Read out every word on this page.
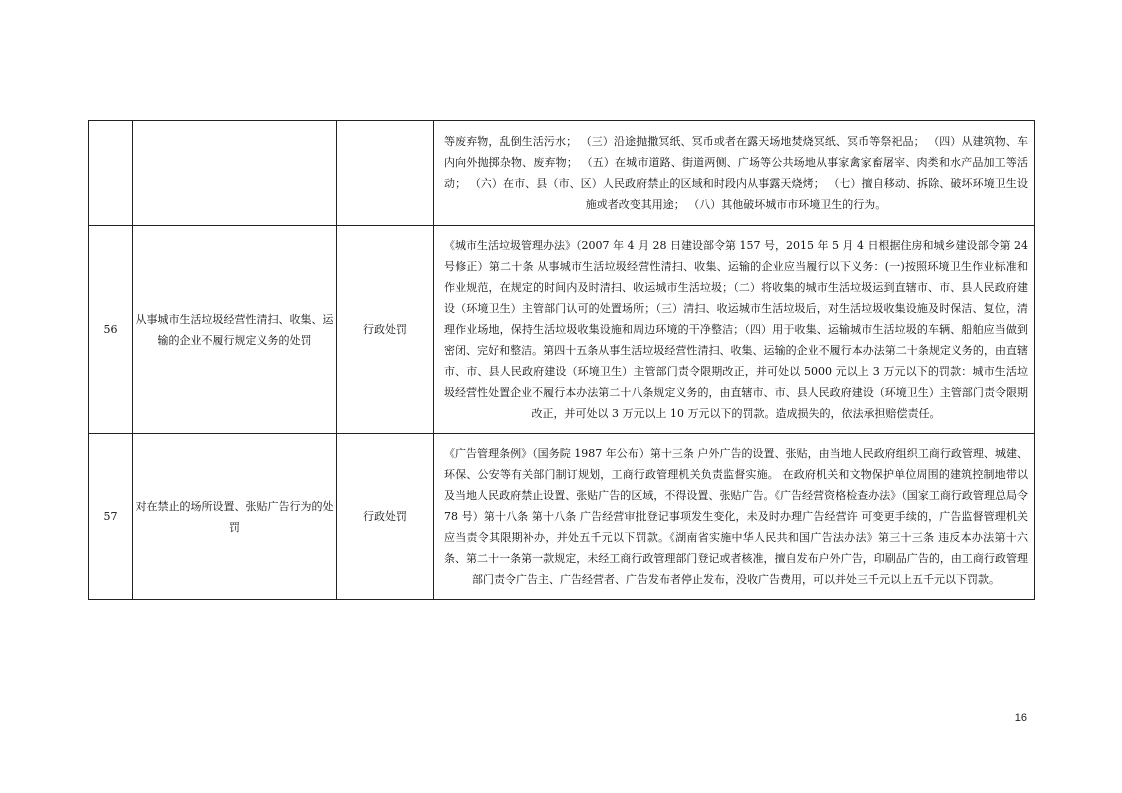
			等废弃物，乱倒生活污水； （三）沿途抛撒冥纸、冥币或者在露天场地焚烧冥纸、冥币等祭祀品； （四）从建筑物、车内向外抛掷杂物、废弃物； （五）在城市道路、街道两侧、广场等公共场地从事家禽家畜屠宰、肉类和水产品加工等活动； （六）在市、县（市、区）人民政府禁止的区域和时段内从事露天烧烤； （七）擅自移动、拆除、破坏环境卫生设施或者改变其用途； （八）其他破坏城市市环境卫生的行为。

56	从事城市生活垃圾经营性清扫、收集、运输的企业不履行规定义务的处罚	行政处罚	《城市生活垃圾管理办法》（2007 年 4 月 28 日建设部令第 157 号，2015 年 5 月 4 日根据住房和城乡建设部令第 24 号修正）第二十条 从事城市生活垃圾经营性清扫、收集、运输的企业应当履行以下义务：(一)按照环境卫生作业标准和作业规范，在规定的时间内及时清扫、收运城市生活垃圾；（二）将收集的城市生活垃圾运到直辖市、市、县人民政府建设（环境卫生）主管部门认可的处置场所；（三）清扫、收运城市生活垃圾后，对生活垃圾收集设施及时保洁、复位，清理作业场地，保持生活垃圾收集设施和周边环境的干净整洁；（四）用于收集、运输城市生活垃圾的车辆、船舶应当做到密闭、完好和整洁。第四十五条从事生活垃圾经营性清扫、收集、运输的企业不履行本办法第二十条规定义务的，由直辖市、市、县人民政府建设（环境卫生）主管部门责令限期改正，并可处以 5000 元以上 3 万元以下的罚款：城市生活垃圾经营性处置企业不履行本办法第二十八条规定义务的，由直辖市、市、县人民政府建设（环境卫生）主管部门责令限期改正，并可处以 3 万元以上 10 万元以下的罚款。造成损失的，依法承担赔偿责任。

57	对在禁止的场所设置、张贴广告行为的处罚	行政处罚	《广告管理条例》（国务院 1987 年公布）第十三条 户外广告的设置、张贴，由当地人民政府组织工商行政管理、城建、环保、公安等有关部门制订规划，工商行政管理机关负责监督实施。 在政府机关和文物保护单位周围的建筑控制地带以及当地人民政府禁止设置、张贴广告的区域，不得设置、张贴广告。《广告经营资格检查办法》（国家工商行政管理总局令 78 号）第十八条 第十八条 广告经营审批登记事项发生变化，未及时办理广告经营许 可变更手续的，广告监督管理机关应当责令其限期补办，并处五千元以下罚款。《湖南省实施中华人民共和国广告法办法》第三十三条 违反本办法第十六条、第二十一条第一款规定，未经工商行政管理部门登记或者核准，擅自发布户外广告，印刷品广告的，由工商行政管理部门责令广告主、广告经营者、广告发布者停止发布，没收广告费用，可以并处三千元以上五千元以下罚款。
16
